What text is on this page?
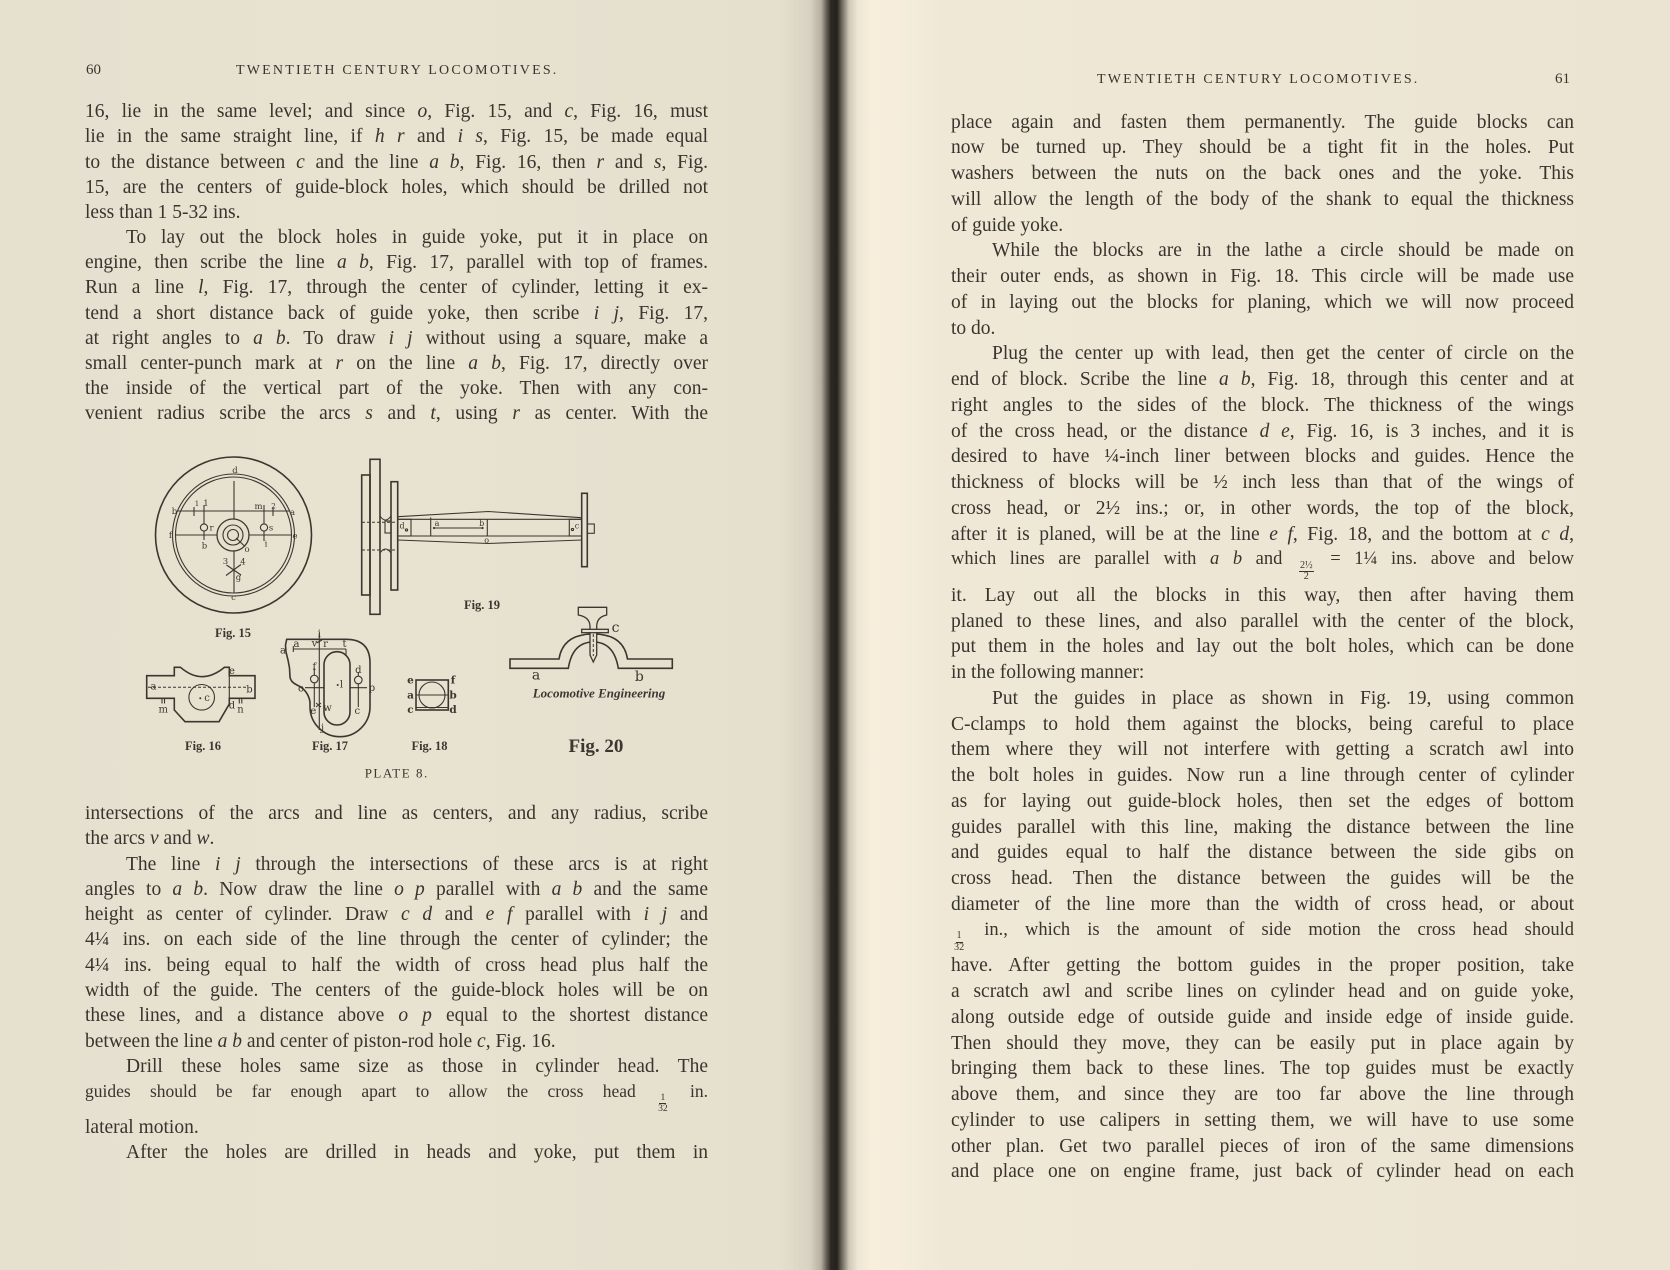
60	TWENTIETH CENTURY LOCOMOTIVES.
16, lie in the same level; and since o, Fig. 15, and c, Fig. 16, must
lie in the same straight line, if h r and i s, Fig. 15, be made equal
to the distance between c and the line a b, Fig. 16, then r and s, Fig.
15, are the centers of guide-block holes, which should be drilled not
less than 1 5-32 ins.
To lay out the block holes in guide yoke, put it in place on
engine, then scribe the line a b, Fig. 17, parallel with top of frames.
Run a line l, Fig. 17, through the center of cylinder, letting it ex-
tend a short distance back of guide yoke, then scribe i j, Fig. 17,
at right angles to a b. To draw i j without using a square, make a
small center-punch mark at r on the line a b, Fig. 17, directly over
the inside of the vertical part of the yoke. Then with any con-
venient radius scribe the arcs s and t, using r as center. With the
d
b
1 1	m 2
a
f
r	s
e
b	i
o
3 4
g
c
Fig. 15
d	a	b	c
o
Fig. 19
a	b
c
e
d
m	n
Fig. 16
i
v r
a
a	t
f	d
o	l	p
w
e	c
j
Fig. 17
e	f
a	b
c	d
Fig. 18
a	b
c
Locomotive Engineering
Fig. 20
PLATE 8.
intersections of the arcs and line as centers, and any radius, scribe
the arcs v and w.
The line i j through the intersections of these arcs is at right
angles to a b. Now draw the line o p parallel with a b and the same
height as center of cylinder. Draw c d and e f parallel with i j and
4¼ ins. on each side of the line through the center of cylinder; the
4¼ ins. being equal to half the width of cross head plus half the
width of the guide. The centers of the guide-block holes will be on
these lines, and a distance above o p equal to the shortest distance
between the line a b and center of piston-rod hole c, Fig. 16.
Drill these holes same size as those in cylinder head. The
guides should be far enough apart to allow the cross head
$\frac{1}{32}$
in.
lateral motion.
After the holes are drilled in heads and yoke, put them in
TWENTIETH CENTURY LOCOMOTIVES.	61
place again and fasten them permanently. The guide blocks can
now be turned up. They should be a tight fit in the holes. Put
washers between the nuts on the back ones and the yoke. This
will allow the length of the body of the shank to equal the thickness
of guide yoke.
While the blocks are in the lathe a circle should be made on
their outer ends, as shown in Fig. 18. This circle will be made use
of in laying out the blocks for planing, which we will now proceed
to do.
Plug the center up with lead, then get the center of circle on the
end of block. Scribe the line a b, Fig. 18, through this center and at
right angles to the sides of the block. The thickness of the wings
of the cross head, or the distance d e, Fig. 16, is 3 inches, and it is
desired to have ¼-inch liner between blocks and guides. Hence the
thickness of blocks will be ½ inch less than that of the wings of
cross head, or 2½ ins.; or, in other words, the top of the block,
after it is planed, will be at the line e f, Fig. 18, and the bottom at c d,
which lines are parallel with a b and
$\frac{\text{2½}}{2}$
= 1¼ ins. above and below
it. Lay out all the blocks in this way, then after having them
planed to these lines, and also parallel with the center of the block,
put them in the holes and lay out the bolt holes, which can be done
in the following manner:
Put the guides in place as shown in Fig. 19, using common
C-clamps to hold them against the blocks, being careful to place
them where they will not interfere with getting a scratch awl into
the bolt holes in guides. Now run a line through center of cylinder
as for laying out guide-block holes, then set the edges of bottom
guides parallel with this line, making the distance between the line
and guides equal to half the distance between the side gibs on
cross head. Then the distance between the guides will be the
diameter of the line more than the width of cross head, or about
$\frac{1}{32}$
in., which is the amount of side motion the cross head should
have. After getting the bottom guides in the proper position, take
a scratch awl and scribe lines on cylinder head and on guide yoke,
along outside edge of outside guide and inside edge of inside guide.
Then should they move, they can be easily put in place again by
bringing them back to these lines. The top guides must be exactly
above them, and since they are too far above the line through
cylinder to use calipers in setting them, we will have to use some
other plan. Get two parallel pieces of iron of the same dimensions
and place one on engine frame, just back of cylinder head on each
